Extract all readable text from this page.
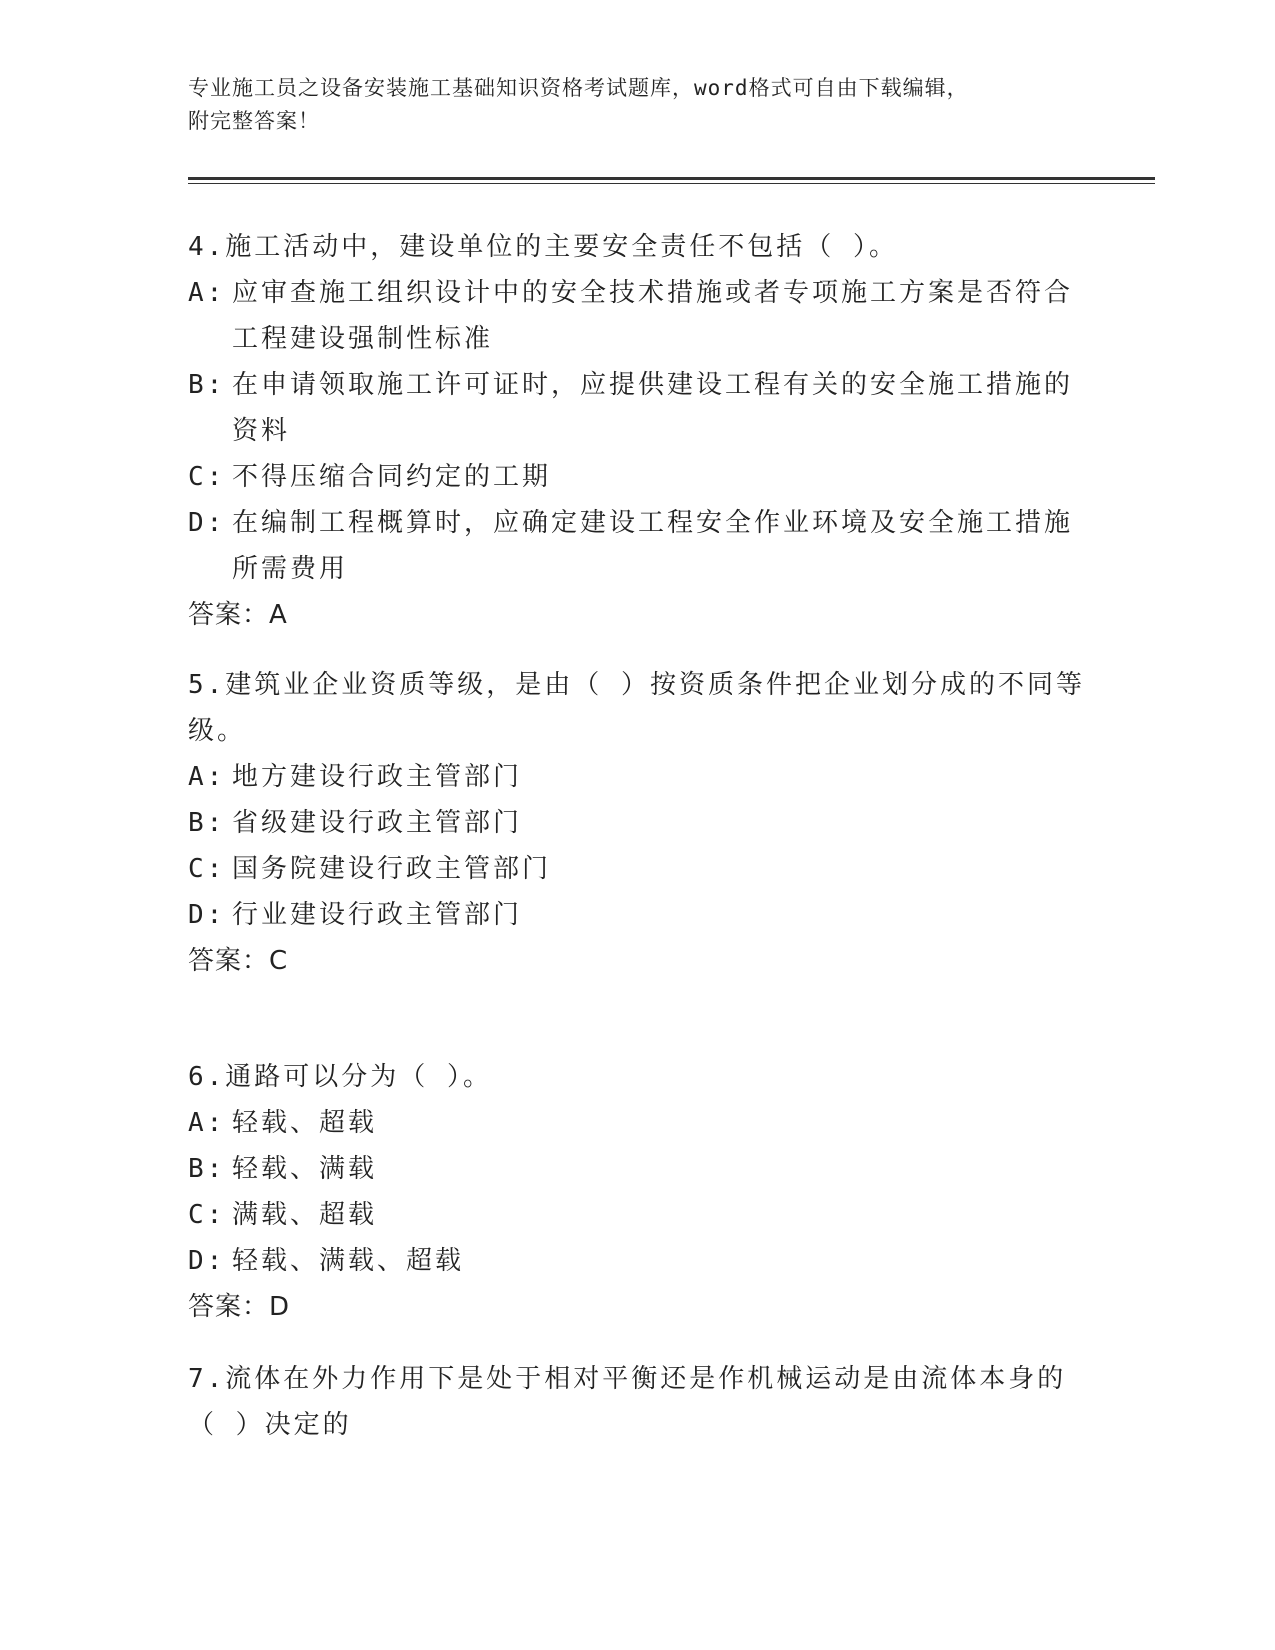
专业施工员之设备安装施工基础知识资格考试题库，word格式可自由下载编辑，

附完整答案！

4.施工活动中，建设单位的主要安全责任不包括（ ）。

A: 应审查施工组织设计中的安全技术措施或者专项施工方案是否符合工程建设强制性标准
B: 在申请领取施工许可证时，应提供建设工程有关的安全施工措施的资料
C: 不得压缩合同约定的工期
D: 在编制工程概算时，应确定建设工程安全作业环境及安全施工措施所需费用

答案：A

5.建筑业企业资质等级，是由（ ）按资质条件把企业划分成的不同等级。

A: 地方建设行政主管部门
B: 省级建设行政主管部门
C: 国务院建设行政主管部门
D: 行业建设行政主管部门

答案：C

6.通路可以分为（ ）。

A: 轻载、超载
B: 轻载、满载
C: 满载、超载
D: 轻载、满载、超载

答案：D

7.流体在外力作用下是处于相对平衡还是作机械运动是由流体本身的（ ）决定的
